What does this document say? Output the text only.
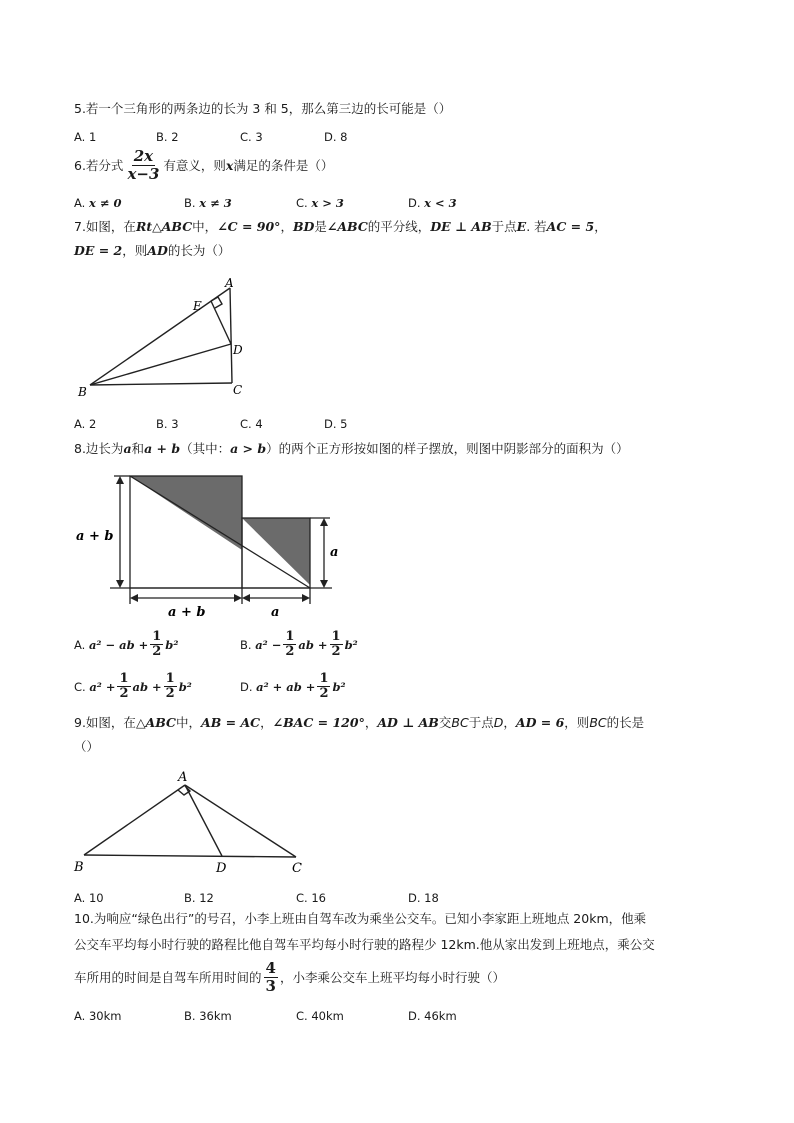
5.若一个三角形的两条边的长为 3 和 5，那么第三边的长可能是（）
A. 1	B. 2	C. 3	D. 8
6.若分式 $\frac{2x}{x-3}$ 有意义，则 x 满足的条件是（）
A. x ≠ 0	B. x ≠ 3	C. x > 3	D. x < 3
7.如图，在Rt△ABC中，∠C = 90°，BD是∠ABC的平分线，DE ⊥ AB于点E. 若AC = 5，
DE = 2，则AD的长为（）
A
B	C
D
E
A. 2	B. 3	C. 4	D. 5
8.边长为a和a + b（其中：a > b）的两个正方形按如图的样子摆放，则图中阴影部分的面积为（）
a + b
a + b	a
a
A.
a² − ab + $\frac{1}{2} b^2$	B.
$a^2 - \frac{1}{2}$ ab + $\frac{1}{2} b^2$
C.
$a^2 + \frac{1}{2}$ ab + $\frac{1}{2} b^2$	D.
a² + ab + $\frac{1}{2} b^2$
9.如图，在△ABC中，AB = AC，∠BAC = 120°，AD ⊥ AB交BC于点D，AD = 6，则BC的长是
（）
A
B	C
D
A. 10	B. 12	C. 16	D. 18
10.为响应“绿色出行”的号召，小李上班由自驾车改为乘坐公交车。已知小李家距上班地点 20km，他乘
公交车平均每小时行驶的路程比他自驾车平均每小时行驶的路程少 12km.他从家出发到上班地点，乘公交
车所用的时间是自驾车所用时间的 $\frac{4}{3}$ ，小李乘公交车上班平均每小时行驶（）
A. 30km	B. 36km	C. 40km	D. 46km
